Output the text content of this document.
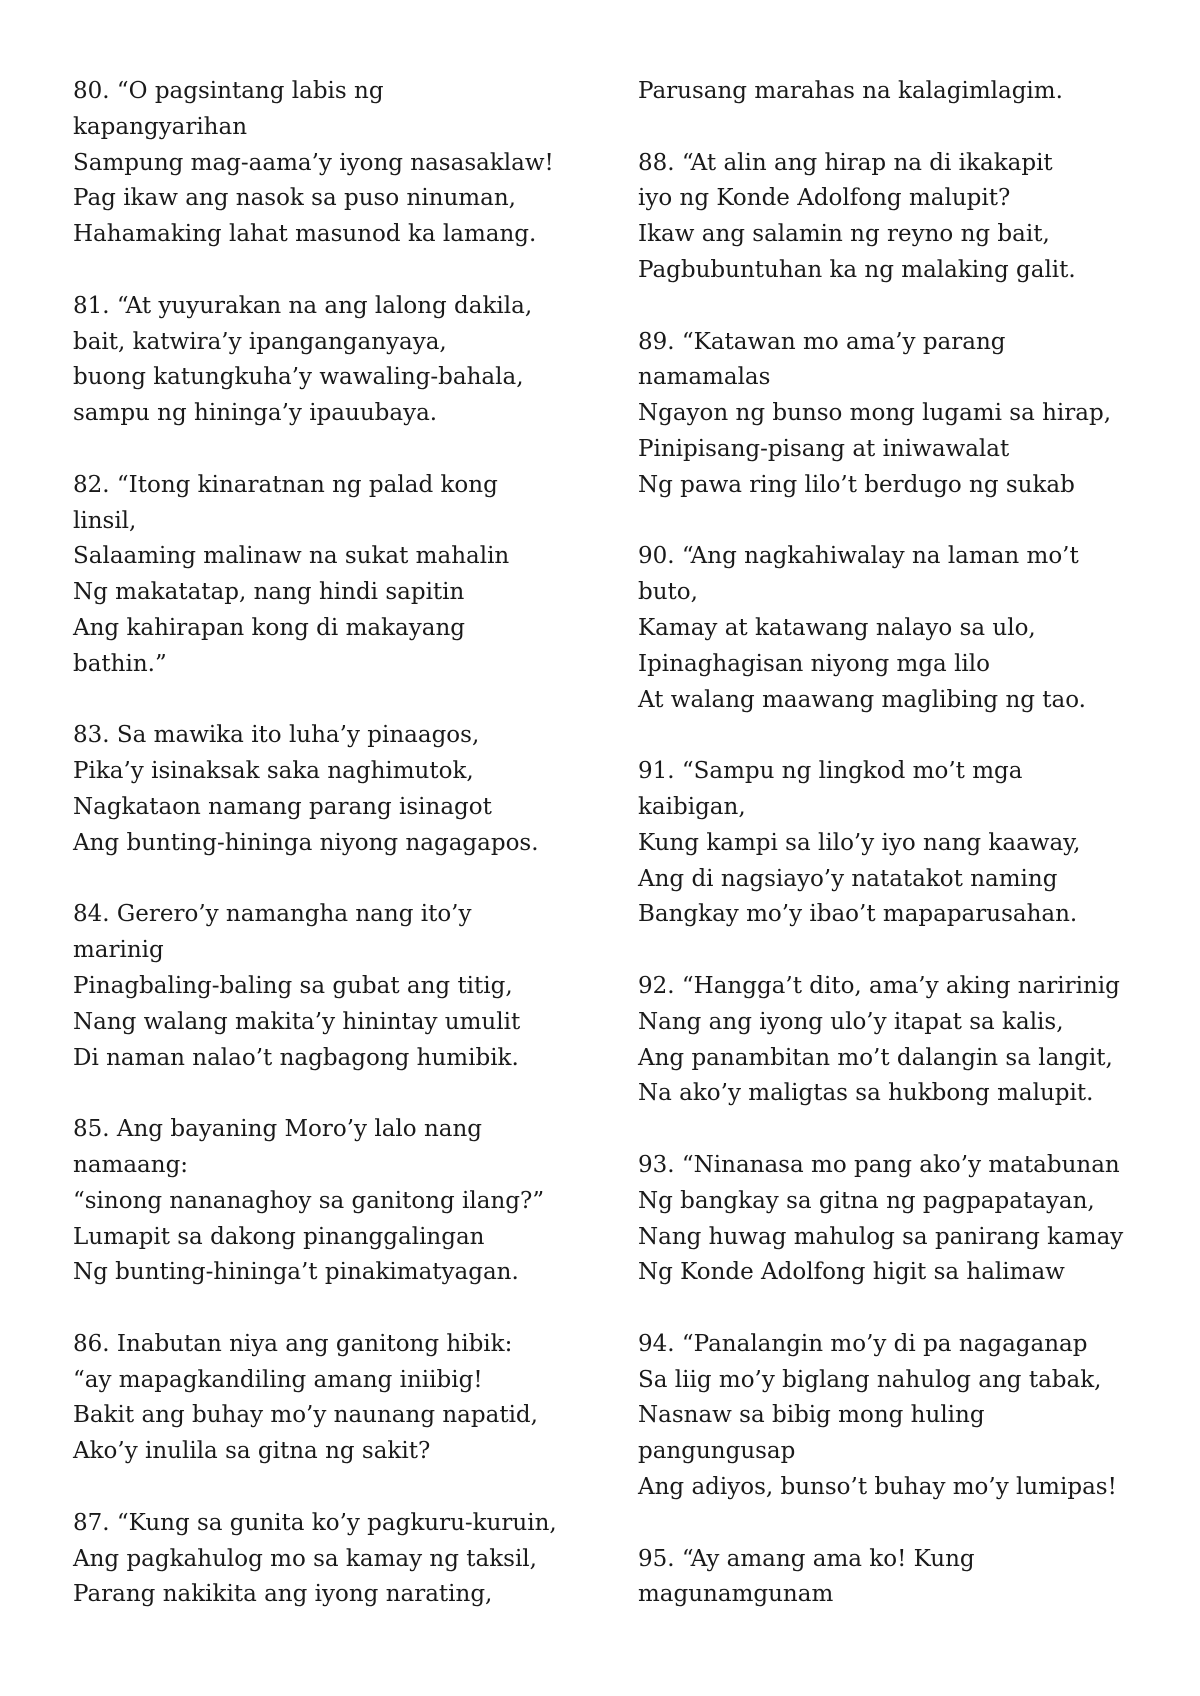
80. “O pagsintang labis ng
kapangyarihan
Sampung mag-aama’y iyong nasasaklaw!
Pag ikaw ang nasok sa puso ninuman,
Hahamaking lahat masunod ka lamang.
81. “At yuyurakan na ang lalong dakila,
bait, katwira’y ipanganganyaya,
buong katungkuha’y wawaling-bahala,
sampu ng hininga’y ipauubaya.
82. “Itong kinaratnan ng palad kong
linsil,
Salaaming malinaw na sukat mahalin
Ng makatatap, nang hindi sapitin
Ang kahirapan kong di makayang
bathin.”
83. Sa mawika ito luha’y pinaagos,
Pika’y isinaksak saka naghimutok,
Nagkataon namang parang isinagot
Ang bunting-hininga niyong nagagapos.
84. Gerero’y namangha nang ito’y
marinig
Pinagbaling-baling sa gubat ang titig,
Nang walang makita’y hinintay umulit
Di naman nalao’t nagbagong humibik.
85. Ang bayaning Moro’y lalo nang
namaang:
“sinong nananaghoy sa ganitong ilang?”
Lumapit sa dakong pinanggalingan
Ng bunting-hininga’t pinakimatyagan.
86. Inabutan niya ang ganitong hibik:
“ay mapagkandiling amang iniibig!
Bakit ang buhay mo’y naunang napatid,
Ako’y inulila sa gitna ng sakit?
87. “Kung sa gunita ko’y pagkuru-kuruin,
Ang pagkahulog mo sa kamay ng taksil,
Parang nakikita ang iyong narating,
Parusang marahas na kalagimlagim.
88. “At alin ang hirap na di ikakapit
iyo ng Konde Adolfong malupit?
Ikaw ang salamin ng reyno ng bait,
Pagbubuntuhan ka ng malaking galit.
89. “Katawan mo ama’y parang
namamalas
Ngayon ng bunso mong lugami sa hirap,
Pinipisang-pisang at iniwawalat
Ng pawa ring lilo’t berdugo ng sukab
90. “Ang nagkahiwalay na laman mo’t
buto,
Kamay at katawang nalayo sa ulo,
Ipinaghagisan niyong mga lilo
At walang maawang maglibing ng tao.
91. “Sampu ng lingkod mo’t mga
kaibigan,
Kung kampi sa lilo’y iyo nang kaaway,
Ang di nagsiayo’y natatakot naming
Bangkay mo’y ibao’t mapaparusahan.
92. “Hangga’t dito, ama’y aking naririnig
Nang ang iyong ulo’y itapat sa kalis,
Ang panambitan mo’t dalangin sa langit,
Na ako’y maligtas sa hukbong malupit.
93. “Ninanasa mo pang ako’y matabunan
Ng bangkay sa gitna ng pagpapatayan,
Nang huwag mahulog sa panirang kamay
Ng Konde Adolfong higit sa halimaw
94. “Panalangin mo’y di pa nagaganap
Sa liig mo’y biglang nahulog ang tabak,
Nasnaw sa bibig mong huling
pangungusap
Ang adiyos, bunso’t buhay mo’y lumipas!
95. “Ay amang ama ko! Kung
magunamgunam
